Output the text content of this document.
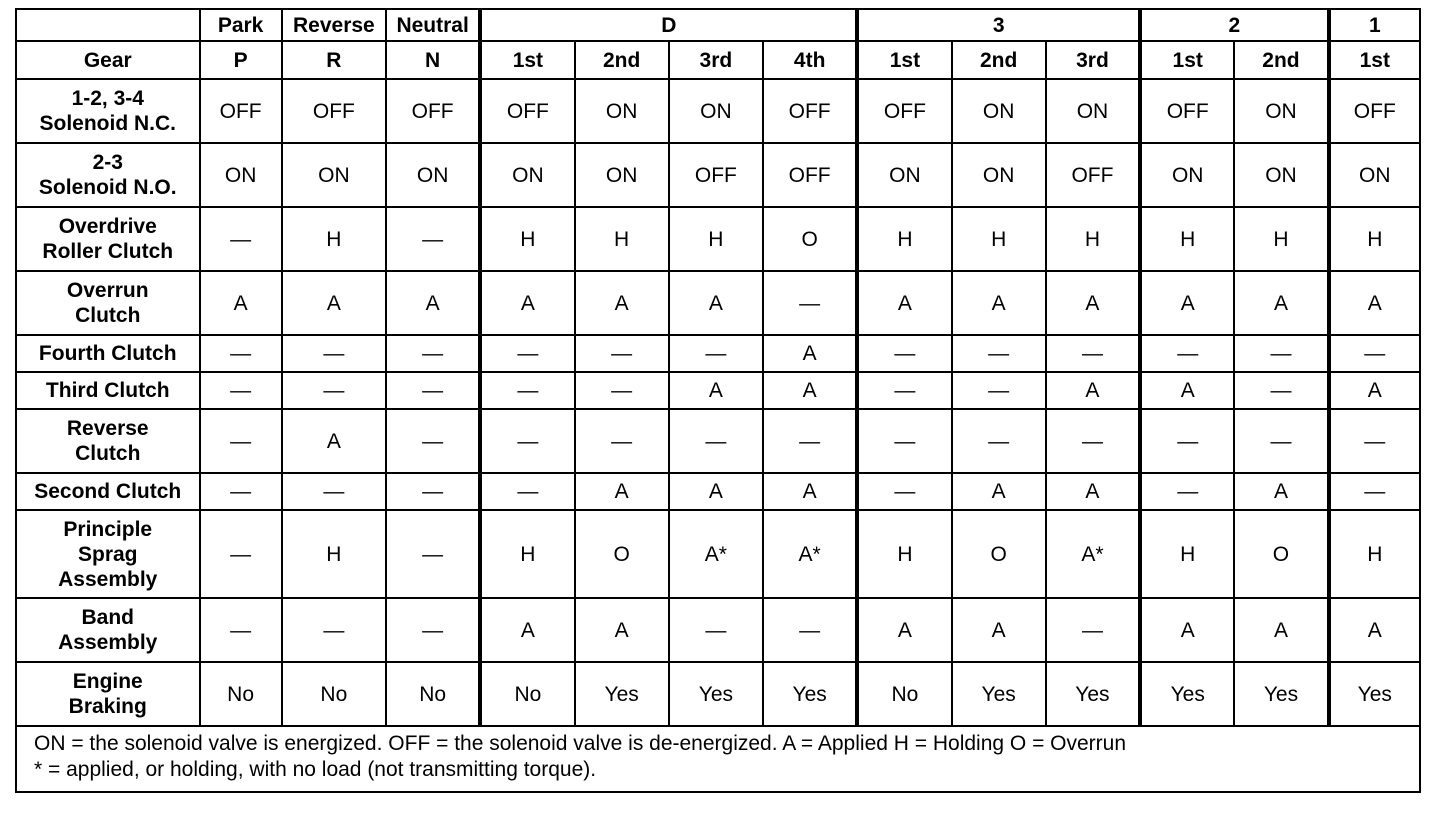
	Park	Reverse	Neutral	D				3			2		1
Gear	P	R	N	1st	2nd	3rd	4th	1st	2nd	3rd	1st	2nd	1st

1-2, 3-4
Solenoid N.C.	OFF	OFF	OFF	OFF	ON	ON	OFF	OFF	ON	ON	OFF	ON	OFF

2-3
Solenoid N.O.	ON	ON	ON	ON	ON	OFF	OFF	ON	ON	OFF	ON	ON	ON

Overdrive
Roller Clutch	—	H	—	H	H	H	O	H	H	H	H	H	H

Overrun
Clutch	A	A	A	A	A	A	—	A	A	A	A	A	A

Fourth Clutch	—	—	—	—	—	—	A	—	—	—	—	—	—

Third Clutch	—	—	—	—	—	A	A	—	—	A	A	—	A

Reverse
Clutch	—	A	—	—	—	—	—	—	—	—	—	—	—

Second Clutch	—	—	—	—	A	A	A	—	A	A	—	A	—

Principle
Sprag
Assembly	—	H	—	H	O	A*	A*	H	O	A*	H	O	H

Band
Assembly	—	—	—	A	A	—	—	A	A	—	A	A	A

Engine
Braking	No	No	No	No	Yes	Yes	Yes	No	Yes	Yes	Yes	Yes	Yes
ON = the solenoid valve is energized. OFF = the solenoid valve is de-energized. A = Applied H = Holding O = Overrun
* = applied, or holding, with no load (not transmitting torque).
